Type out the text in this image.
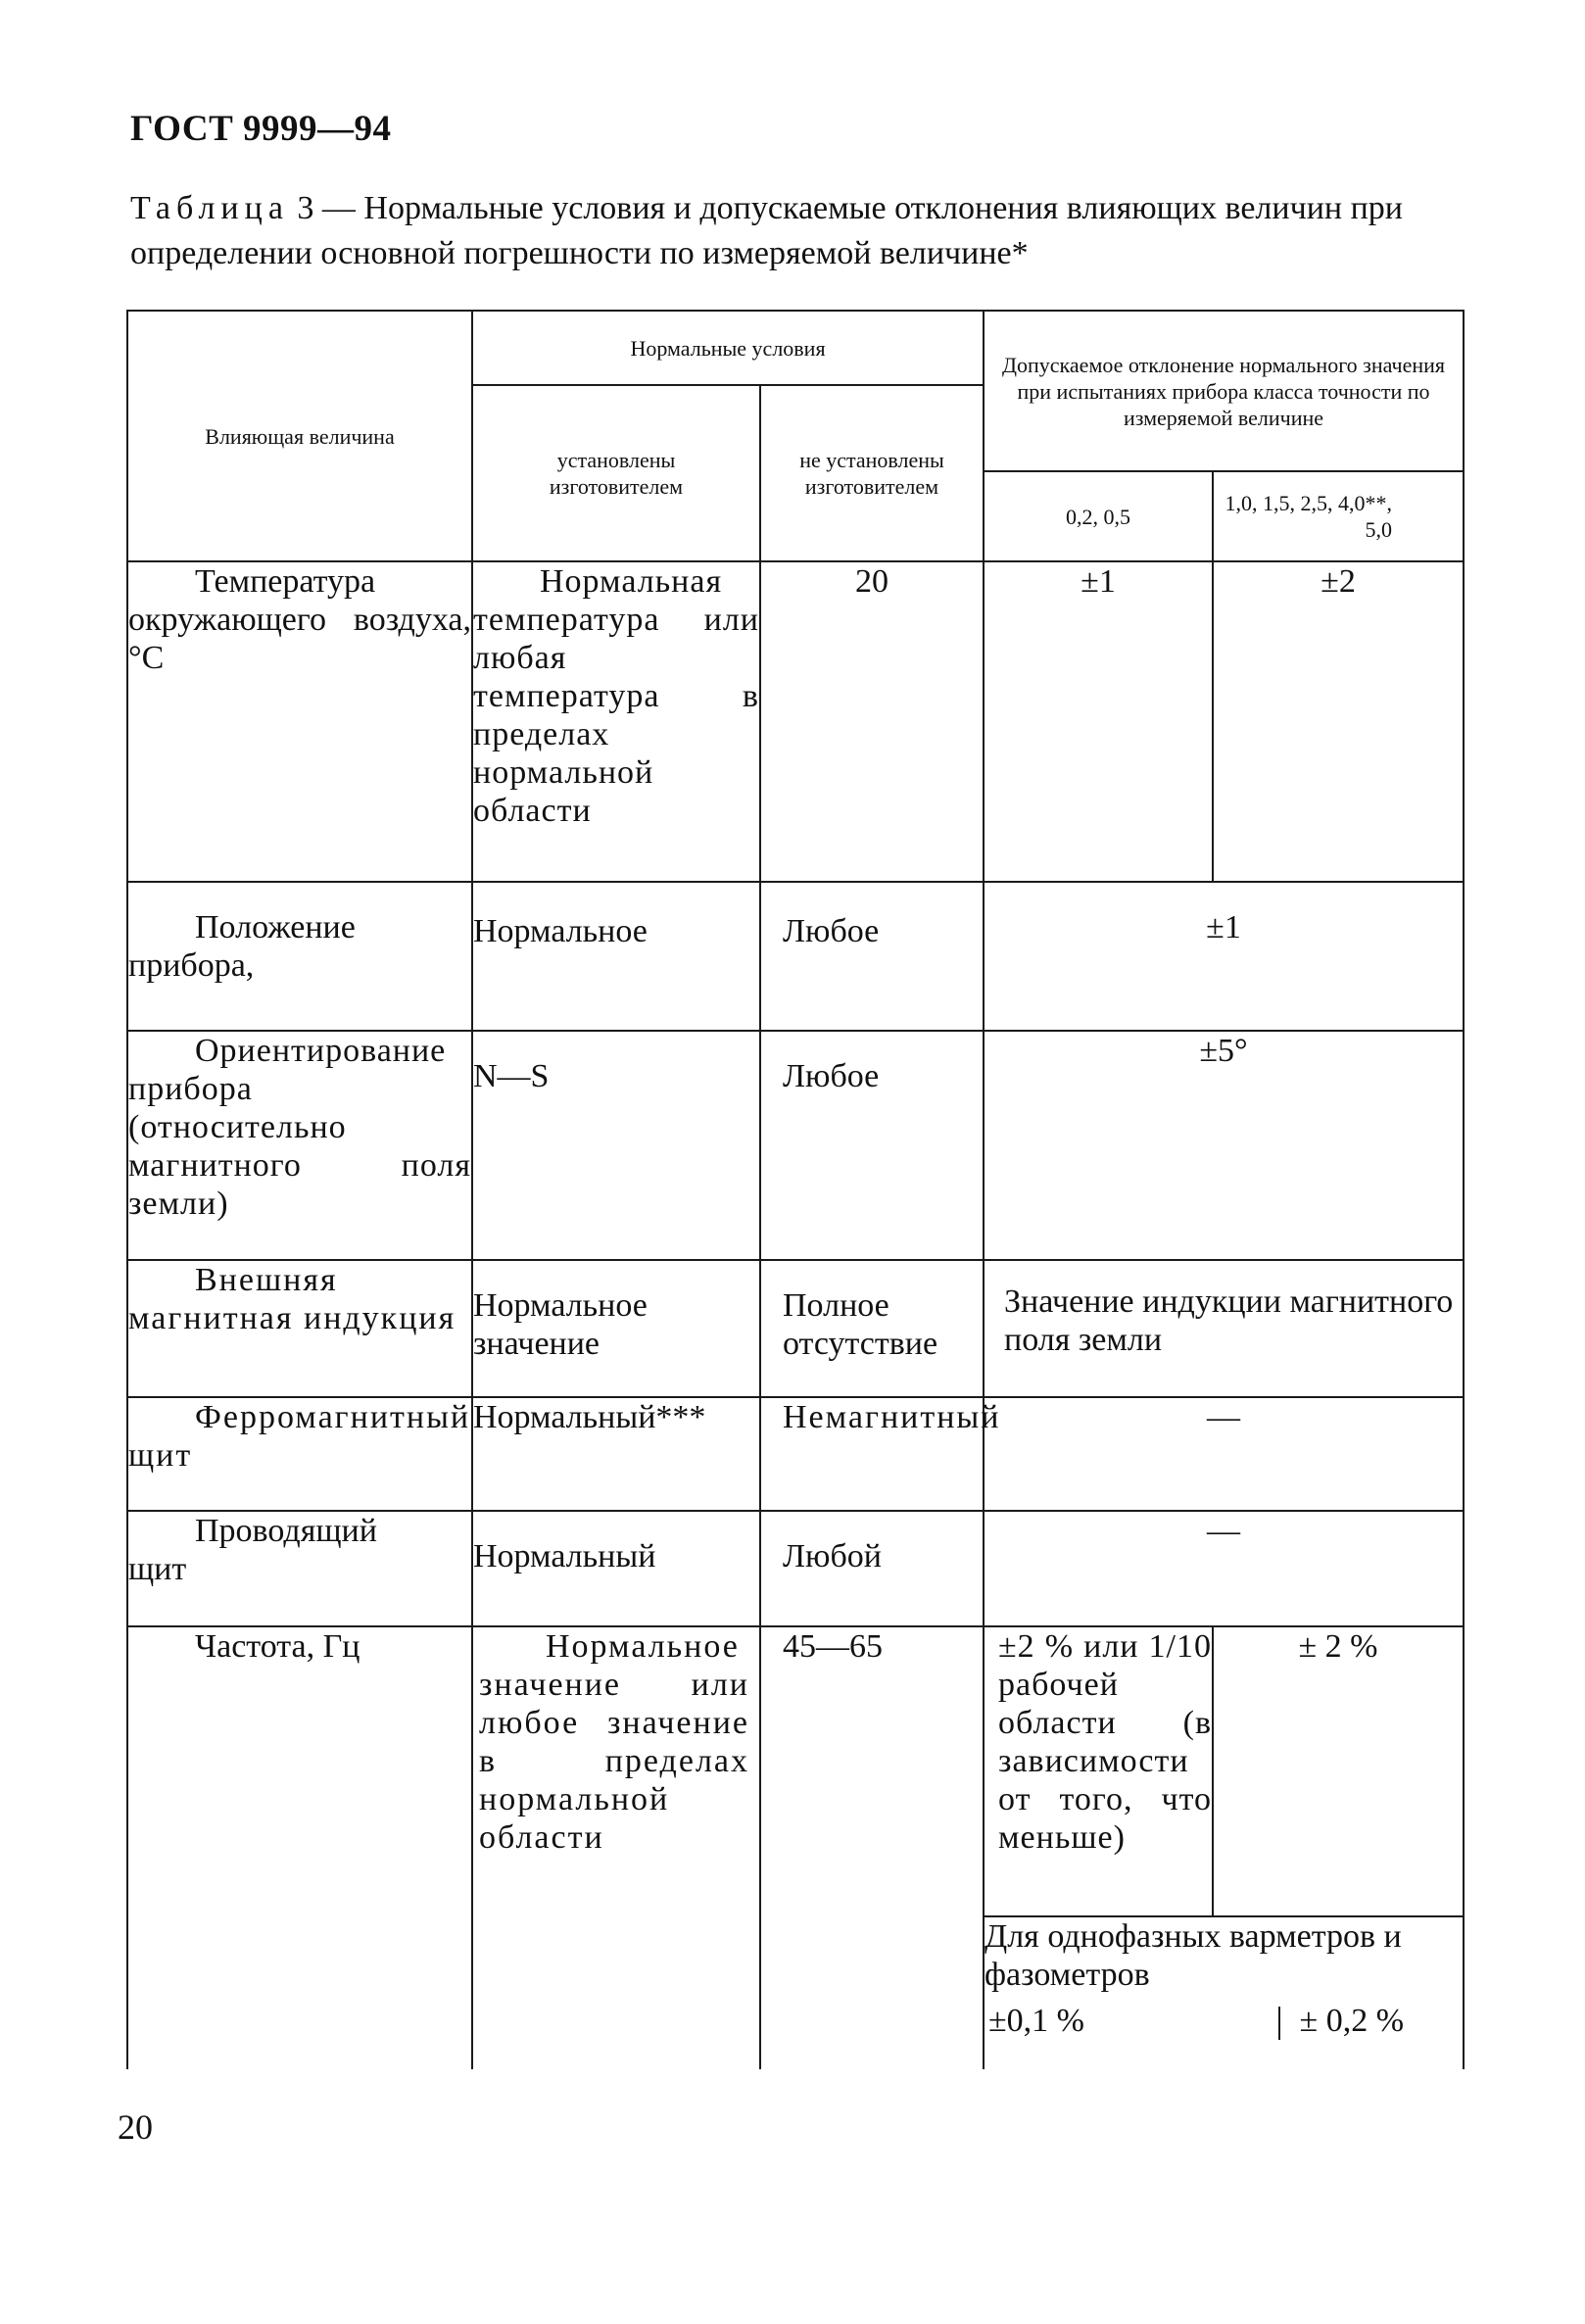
ГОСТ 9999—94
Таблица 3 — Нормальные условия и допускаемые отклонения влияющих величин при определении основной погрешности по измеряемой величине*
Влияющая величина	Нормальные условия		Допускаемое отклонение нормального значения при испытаниях прибора класса точности по измеряемой величине	
	установлены изготовителем	не установлены изготовителем		
			0,2, 0,5	1,0, 1,5, 2,5, 4,0**, 5,0
Температура окружающего воздуха, °С	Нормальная температура или любая температура в пределах нормальной области	20	±1	±2
Положение прибора,	Нормальное	Любое	±1	
Ориентирование прибора (относительно магнитного поля земли)	N—S	Любое	±5°	
Внешняя магнитная индукция	Нормальное значение	Полное отсутствие	Значение индукции магнитного поля земли	
Ферромагнитный щит	Нормальный***	Немагнитный	—	
Проводящий щит	Нормальный	Любой	—	
Частота, Гц	Нормальное значение или любое значение в пределах нормальной области	45—65	±2 % или 1/10 рабочей области (в зависимости от того, что меньше)	± 2 %

			Для однофазных варметров и фазометров
±0,1 % ± 0,2 %	
20
